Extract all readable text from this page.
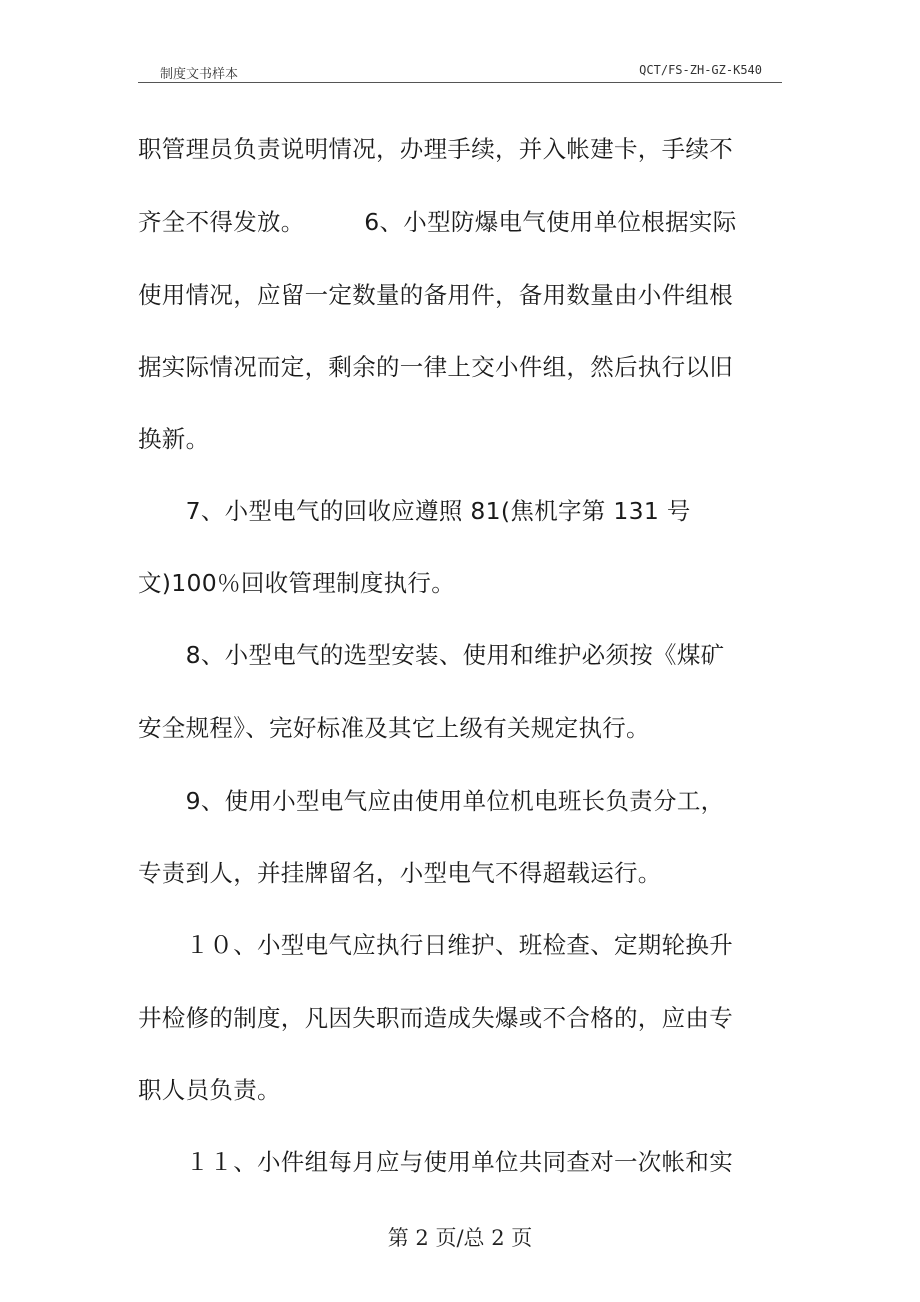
制度文书样本	QCT/FS-ZH-GZ-K540
职管理员负责说明情况，办理手续，并入帐建卡，手续不
齐全不得发放。　　　6、小型防爆电气使用单位根据实际
使用情况，应留一定数量的备用件，备用数量由小件组根
据实际情况而定，剩余的一律上交小件组，然后执行以旧
换新。
　　7、小型电气的回收应遵照 81(焦机字第 131 号
文)100％回收管理制度执行。
　　8、小型电气的选型安装、使用和维护必须按《煤矿
安全规程》、完好标准及其它上级有关规定执行。
　　9、使用小型电气应由使用单位机电班长负责分工，
专责到人，并挂牌留名，小型电气不得超载运行。
　　１０、小型电气应执行日维护、班检查、定期轮换升
井检修的制度，凡因失职而造成失爆或不合格的，应由专
职人员负责。
　　１１、小件组每月应与使用单位共同查对一次帐和实
第 2 页/总 2 页
